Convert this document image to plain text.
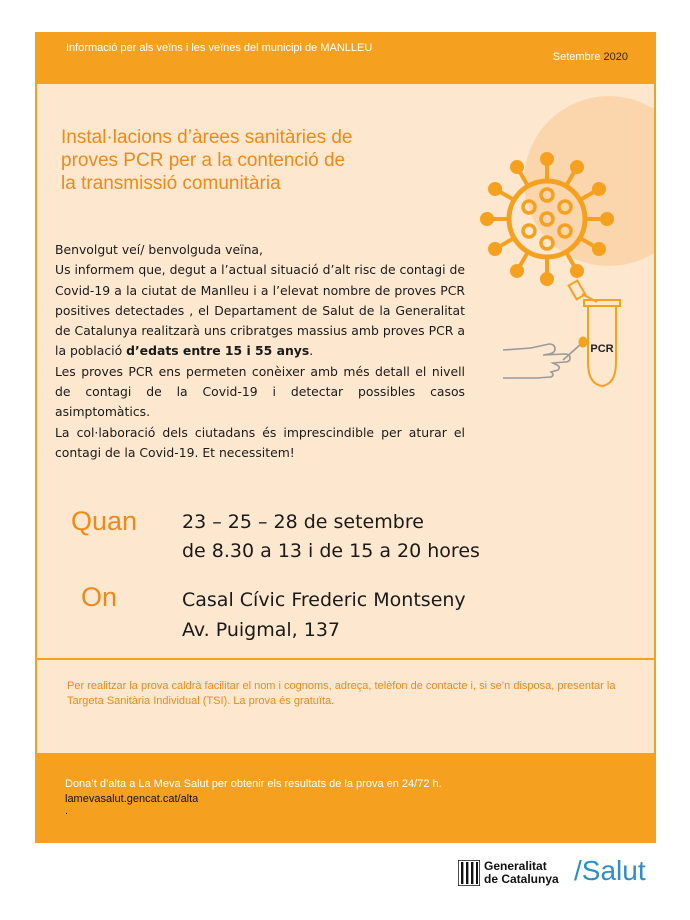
Informació per als veïns i les veïnes del municipi de MANLLEU
Setembre 2020
PCR
Instal·lacions d’àrees sanitàries de
proves PCR per a la contenció de
la transmissió comunitària

Benvolgut veí/ benvolguda veïna,

Us informem que, degut a l’actual situació d’alt risc de contagi de Covid-19 a la ciutat de Manlleu i a l’elevat nombre de proves PCR positives detectades , el Departament de Salut de la Generalitat de Catalunya realitzarà uns cribratges massius amb proves PCR a la població d’edats entre 15 i 55 anys.

Les proves PCR ens permeten conèixer amb més detall el nivell de contagi de la Covid-19 i detectar possibles casos asimptomàtics.

La col·laboració dels ciutadans és imprescindible per aturar el contagi de la Covid-19. Et necessitem!

Quan 23 – 25 – 28 de setembre
de 8.30 a 13 i de 15 a 20 hores
On	Casal Cívic Frederic Montseny
Av. Puigmal, 137
Per realitzar la prova caldrà facilitar el nom i cognoms, adreça, telèfon de contacte i, si se’n disposa, presentar la Targeta Sanitària Individual (TSI). La prova és gratuïta.
Dona’t d’alta a La Meva Salut per obtenir els resultats de la prova en 24/72 h.
lamevasalut.gencat.cat/alta
.
Generalitat
de Catalunya /Salut
